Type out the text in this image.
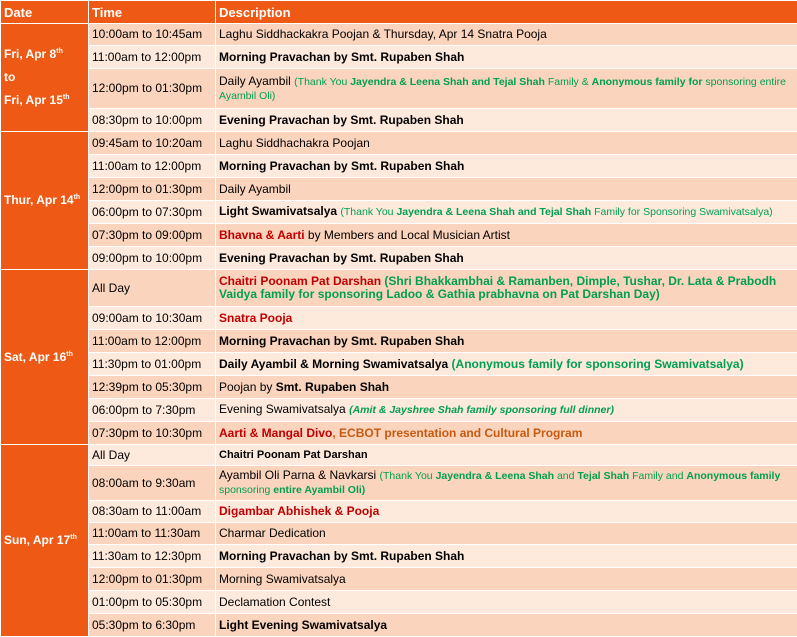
Date	Time	Description

Fri, Apr 8th
to
Fri, Apr 15th	10:00am to 10:45am	Laghu Siddhackakra Poojan & Thursday, Apr 14 Snatra Pooja
	11:00am to 12:00pm	Morning Pravachan by Smt. Rupaben Shah
	12:00pm to 01:30pm	Daily Ayambil (Thank You Jayendra & Leena Shah and Tejal Shah Family & Anonymous family for sponsoring entire Ayambil Oli)
	08:30pm to 10:00pm	Evening Pravachan by Smt. Rupaben Shah
Thur, Apr 14th	09:45am to 10:20am	Laghu Siddhachakra Poojan
	11:00am to 12:00pm	Morning Pravachan by Smt. Rupaben Shah
	12:00pm to 01:30pm	Daily Ayambil
	06:00pm to 07:30pm	Light Swamivatsalya (Thank You Jayendra & Leena Shah and Tejal Shah Family for Sponsoring Swamivatsalya)
	07:30pm to 09:00pm	Bhavna & Aarti by Members and Local Musician Artist
	09:00pm to 10:00pm	Evening Pravachan by Smt. Rupaben Shah
Sat, Apr 16th	All Day	Chaitri Poonam Pat Darshan (Shri Bhakkambhai & Ramanben, Dimple, Tushar, Dr. Lata & Prabodh Vaidya family for sponsoring Ladoo & Gathia prabhavna on Pat Darshan Day)
	09:00am to 10:30am	Snatra Pooja
	11:00am to 12:00pm	Morning Pravachan by Smt. Rupaben Shah
	11:30pm to 01:00pm	Daily Ayambil & Morning Swamivatsalya (Anonymous family for sponsoring Swamivatsalya)
	12:39pm to 05:30pm	Poojan by Smt. Rupaben Shah
	06:00pm to 7:30pm	Evening Swamivatsalya (Amit & Jayshree Shah family sponsoring full dinner)
	07:30pm to 10:30pm	Aarti & Mangal Divo, ECBOT presentation and Cultural Program
Sun, Apr 17th	All Day	Chaitri Poonam Pat Darshan
	08:00am to 9:30am	Ayambil Oli Parna & Navkarsi (Thank You Jayendra & Leena Shah and Tejal Shah Family and Anonymous family sponsoring entire Ayambil Oli)
	08:30am to 11:00am	Digambar Abhishek & Pooja
	11:00am to 11:30am	Charmar Dedication
	11:30am to 12:30pm	Morning Pravachan by Smt. Rupaben Shah
	12:00pm to 01:30pm	Morning Swamivatsalya
	01:00pm to 05:30pm	Declamation Contest
	05:30pm to 6:30pm	Light Evening Swamivatsalya
